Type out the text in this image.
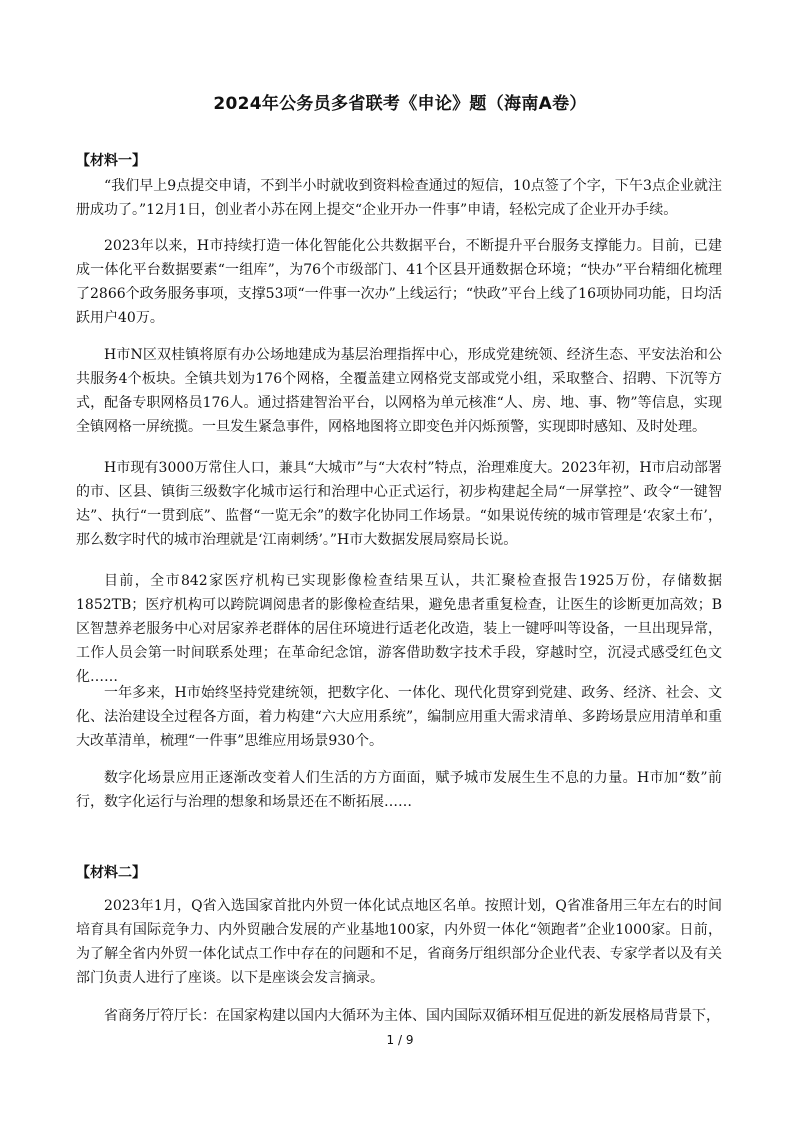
2024年公务员多省联考《申论》题（海南A卷）
【材料一】

“我们早上9点提交申请，不到半小时就收到资料检查通过的短信，10点签了个字，下午3点企业就注册成功了。”12月1日，创业者小苏在网上提交“企业开办一件事”申请，轻松完成了企业开办手续。

2023年以来，H市持续打造一体化智能化公共数据平台，不断提升平台服务支撑能力。目前，已建成一体化平台数据要素“一组库”，为76个市级部门、41个区县开通数据仓环境；“快办”平台精细化梳理了2866个政务服务事项，支撑53项“一件事一次办”上线运行；“快政”平台上线了16项协同功能，日均活跃用户40万。

H市N区双桂镇将原有办公场地建成为基层治理指挥中心，形成党建统领、经济生态、平安法治和公共服务4个板块。全镇共划为176个网格，全覆盖建立网格党支部或党小组，采取整合、招聘、下沉等方式，配备专职网格员176人。通过搭建智治平台，以网格为单元核准“人、房、地、事、物”等信息，实现全镇网格一屏统揽。一旦发生紧急事件，网格地图将立即变色并闪烁预警，实现即时感知、及时处理。

H市现有3000万常住人口，兼具“大城市”与“大农村”特点，治理难度大。2023年初，H市启动部署的市、区县、镇街三级数字化城市运行和治理中心正式运行，初步构建起全局“一屏掌控”、政令“一键智达”、执行“一贯到底”、监督“一览无余”的数字化协同工作场景。“如果说传统的城市管理是‘农家土布’，那么数字时代的城市治理就是‘江南刺绣’。”H市大数据发展局察局长说。

目前，全市842家医疗机构已实现影像检查结果互认，共汇聚检查报告1925万份，存储数据1852TB；医疗机构可以跨院调阅患者的影像检查结果，避免患者重复检查，让医生的诊断更加高效；B区智慧养老服务中心对居家养老群体的居住环境进行适老化改造，装上一键呼叫等设备，一旦出现异常，工作人员会第一时间联系处理；在革命纪念馆，游客借助数字技术手段，穿越时空，沉浸式感受红色文化……

一年多来，H市始终坚持党建统领，把数字化、一体化、现代化贯穿到党建、政务、经济、社会、文化、法治建设全过程各方面，着力构建“六大应用系统”，编制应用重大需求清单、多跨场景应用清单和重大改革清单，梳理“一件事”思维应用场景930个。

数字化场景应用正逐渐改变着人们生活的方方面面，赋予城市发展生生不息的力量。H市加“数”前行，数字化运行与治理的想象和场景还在不断拓展……

【材料二】

2023年1月，Q省入选国家首批内外贸一体化试点地区名单。按照计划，Q省准备用三年左右的时间培育具有国际竞争力、内外贸融合发展的产业基地100家，内外贸一体化“领跑者”企业1000家。日前，为了解全省内外贸一体化试点工作中存在的问题和不足，省商务厅组织部分企业代表、专家学者以及有关部门负责人进行了座谈。以下是座谈会发言摘录。

省商务厅符厅长：在国家构建以国内大循环为主体、国内国际双循环相互促进的新发展格局背景下，

1 / 9
